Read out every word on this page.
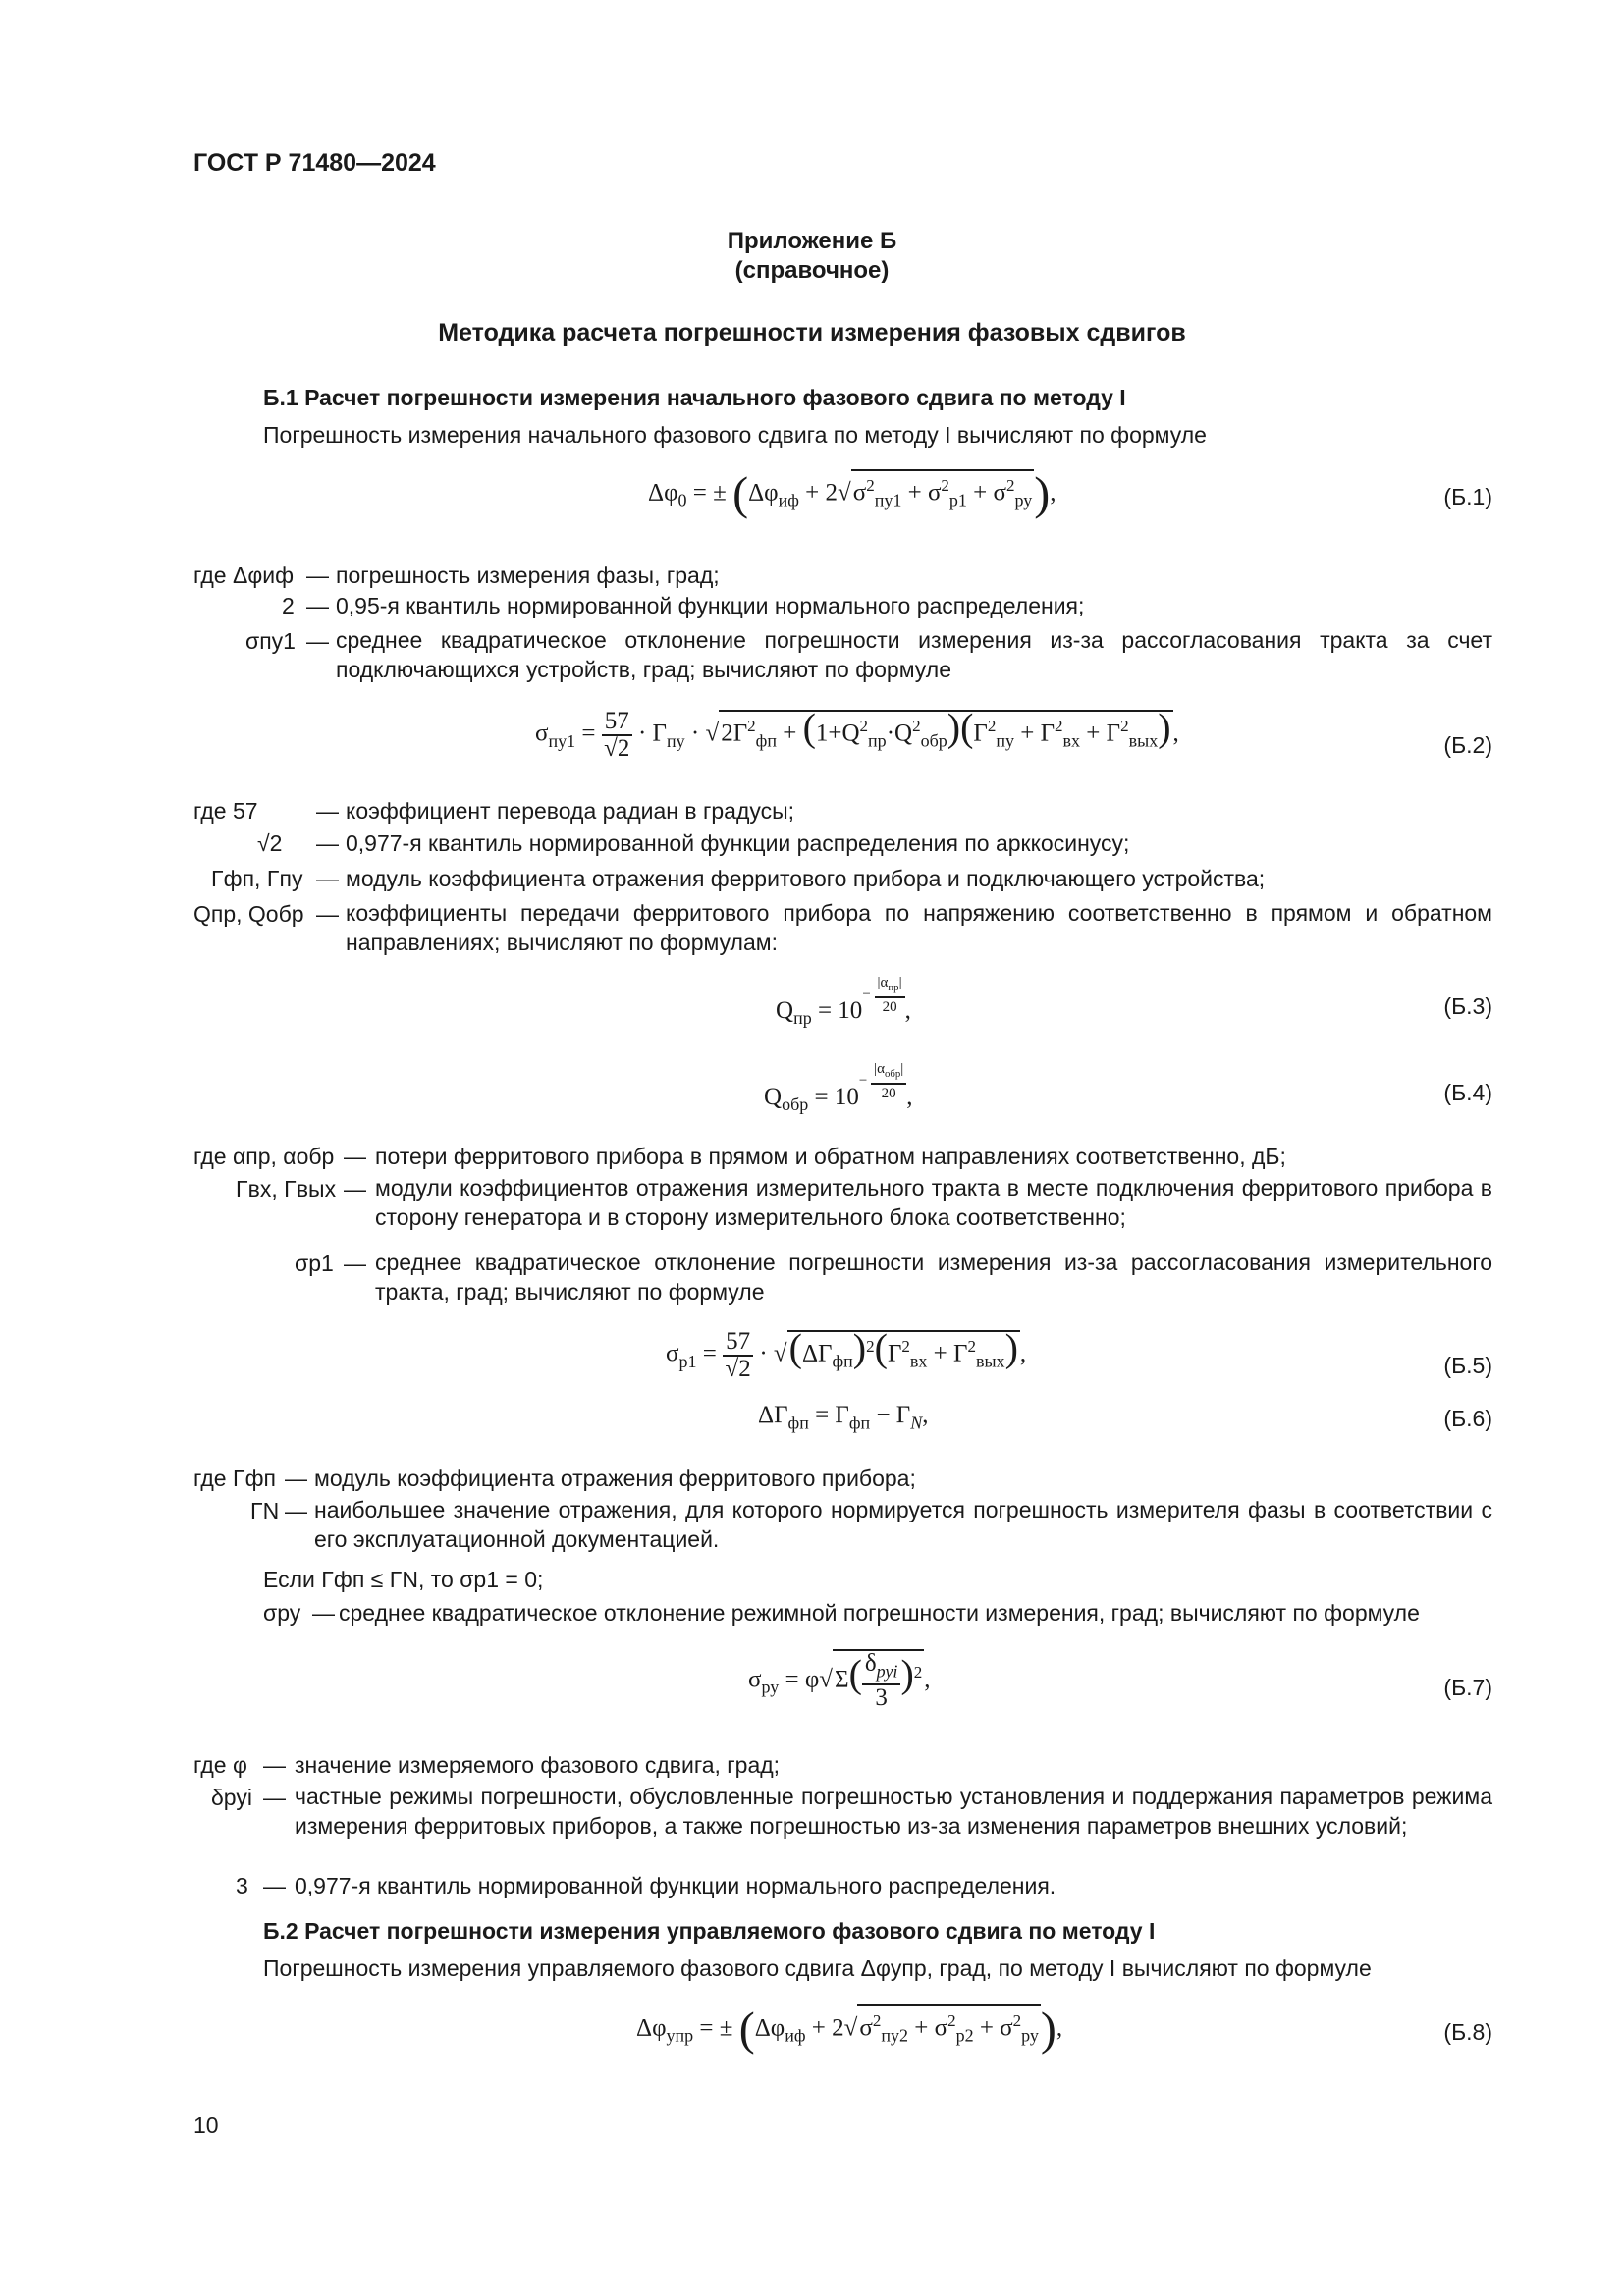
ГОСТ Р 71480—2024
Приложение Б
(справочное)
Методика расчета погрешности измерения фазовых сдвигов
Б.1 Расчет погрешности измерения начального фазового сдвига по методу I
Погрешность измерения начального фазового сдвига по методу I вычисляют по формуле
$\Delta\varphi_0$ = ± $(\Delta\varphi_{иф} + 2√\sigma^2_{пу1} + \sigma^2_{р1} + \sigma^2_{ру})$,	(Б.1)
где Δφиф — погрешность измерения фазы, град;
2 — 0,95-я квантиль нормированной функции нормального распределения;
σпу1 — среднее квадратическое отклонение погрешности измерения из-за рассогласования тракта за счет подключающихся устройств, град; вычисляют по формуле
$\sigma_{пу1} = \frac{57}{√2} \cdot \Gamma_{пу} \cdot √2\Gamma^2_{фп} + (1+Q^2_{пр}\cdot Q^2_{обр})(\Gamma^2_{пу} + \Gamma^2_{вх} + \Gamma^2_{вых})$,	(Б.2)
где 57	— коэффициент перевода радиан в градусы;
√2 — 0,977-я квантиль нормированной функции распределения по арккосинусу;
Γфп, Γпу — модуль коэффициента отражения ферритового прибора и подключающего устройства;
Qпр, Qобр — коэффициенты передачи ферритового прибора по напряжению соответственно в прямом и обратном направлениях; вычисляют по формулам:
$Q_{пр} = 10^{- \frac{|\alpha_{пр}|}{20}}$ ,	(Б.3)
$Q_{обр} = 10^{- \frac{|\alpha_{обр}|}{20}}$ ,	(Б.4)
где αпр, αобр — потери ферритового прибора в прямом и обратном направлениях соответственно, дБ;
Γвх, Γвых — модули коэффициентов отражения измерительного тракта в месте подключения ферритового прибора в сторону генератора и в сторону измерительного блока соответственно;
σр1 — среднее квадратическое отклонение погрешности измерения из-за рассогласования измерительного тракта, град; вычисляют по формуле
$\sigma_{р1} = \frac{57}{√2} \cdot √(\Delta\Gamma_{фп})^2(\Gamma^2_{вх} + \Gamma^2_{вых})$,	(Б.5)
$\Delta\Gamma_{фп} = \Gamma_{фп} - \Gamma_N$,	(Б.6)
где Γфп — модуль коэффициента отражения ферритового прибора;
ΓN — наибольшее значение отражения, для которого нормируется погрешность измерителя фазы в соответствии с его эксплуатационной документацией.
Если Γфп ≤ ΓN, то σр1 = 0;
σру — среднее квадратическое отклонение режимной погрешности измерения, град; вычисляют по формуле
$\sigma_{ру} = \varphi√\Sigma( \frac{\delta_{руi}}{3} )^2$,	(Б.7)
где φ — значение измеряемого фазового сдвига, град;
δруi — частные режимы погрешности, обусловленные погрешностью установления и поддержания параметров режима измерения ферритовых приборов, а также погрешностью из-за изменения параметров внешних условий;
3 — 0,977-я квантиль нормированной функции нормального распределения.
Б.2 Расчет погрешности измерения управляемого фазового сдвига по методу I
Погрешность измерения управляемого фазового сдвига Δφупр, град, по методу I вычисляют по формуле
$\Delta\varphi_{упр}$ = ± $(\Delta\varphi_{иф} + 2√\sigma^2_{пу2} + \sigma^2_{р2} + \sigma^2_{ру})$,	(Б.8)
10
